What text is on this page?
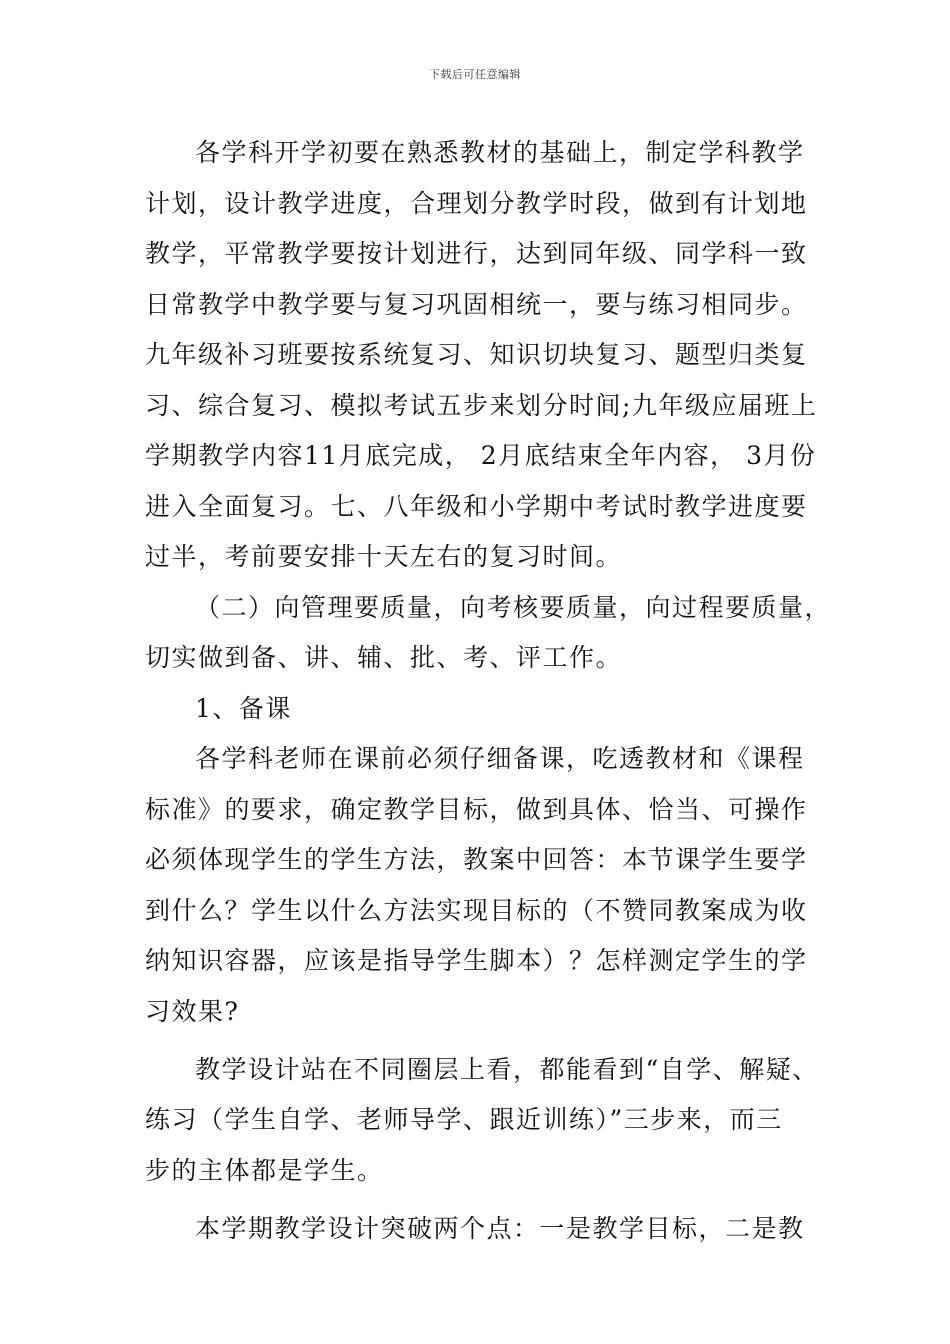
下载后可任意编辑
各学科开学初要在熟悉教材的基础上，制定学科教学
计划，设计教学进度，合理划分教学时段，做到有计划地
教学，平常教学要按计划进行，达到同年级、同学科一致
日常教学中教学要与复习巩固相统一，要与练习相同步。
九年级补习班要按系统复习、知识切块复习、题型归类复
习、综合复习、模拟考试五步来划分时间;九年级应届班上
学期教学内容11月底完成， 2月底结束全年内容， 3月份
进入全面复习。七、八年级和小学期中考试时教学进度要
过半，考前要安排十天左右的复习时间。
（二）向管理要质量，向考核要质量，向过程要质量，
切实做到备、讲、辅、批、考、评工作。
1、备课
各学科老师在课前必须仔细备课，吃透教材和《课程
标准》的要求，确定教学目标，做到具体、恰当、可操作
必须体现学生的学生方法，教案中回答：本节课学生要学
到什么？学生以什么方法实现目标的（不赞同教案成为收
纳知识容器，应该是指导学生脚本）？怎样测定学生的学
习效果?
教学设计站在不同圈层上看，都能看到“自学、解疑、
练习（学生自学、老师导学、跟近训练）”三步来，而三
步的主体都是学生。
本学期教学设计突破两个点：一是教学目标，二是教
